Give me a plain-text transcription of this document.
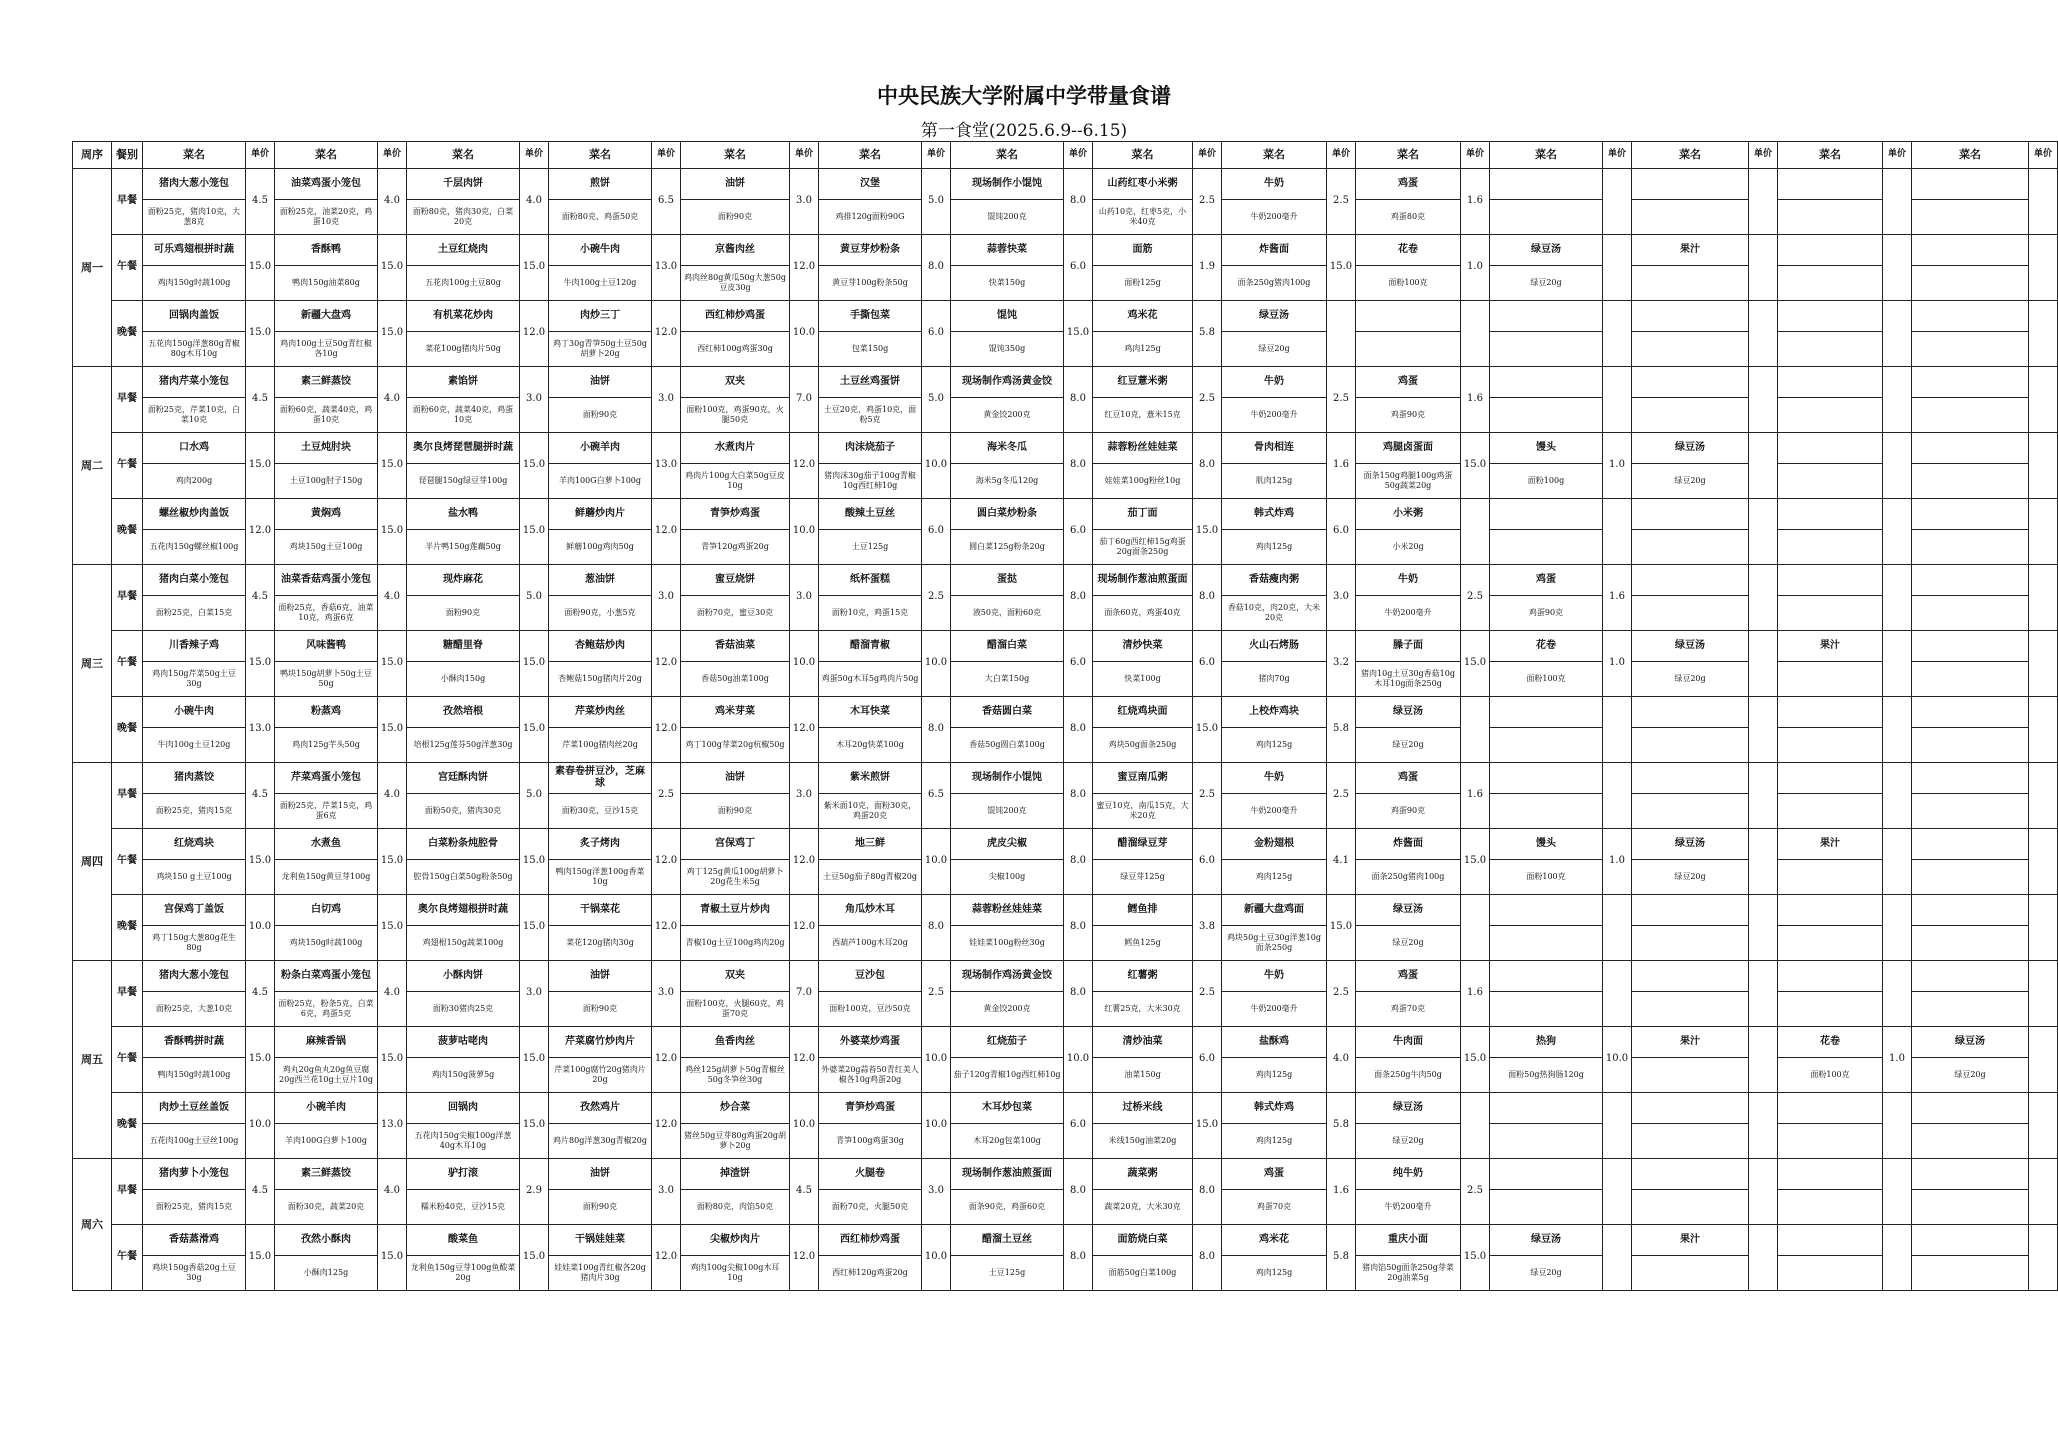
中央民族大学附属中学带量食谱
第一食堂(2025.6.9--6.15)
周序	餐别	菜名	单价	菜名	单价	菜名	单价	菜名	单价	菜名	单价	菜名	单价	菜名	单价	菜名	单价	菜名	单价	菜名	单价	菜名	单价	菜名	单价	菜名	单价	菜名	单价
周一	早餐	猪肉大葱小笼包	4.5	油菜鸡蛋小笼包	4.0	千层肉饼	4.0	煎饼	6.5	油饼	3.0	汉堡	5.0	现场制作小馄饨	8.0	山药红枣小米粥	2.5	牛奶	2.5	鸡蛋	1.6								
		面粉25克，猪肉10克，大葱8克		面粉25克，油菜20克，鸡蛋10克		面粉80克，猪肉30克，白菜20克		面粉80克，鸡蛋50克		面粉90克		鸡排120g面粉90G		馄饨200克		山药10克，红枣5克，小米40克		牛奶200毫升		鸡蛋80克									
	午餐	可乐鸡翅根拼时蔬	15.0	香酥鸭	15.0	土豆红烧肉	15.0	小碗牛肉	13.0	京酱肉丝	12.0	黄豆芽炒粉条	8.0	蒜蓉快菜	6.0	面筋	1.9	炸酱面	15.0	花卷	1.0	绿豆汤		果汁					
		鸡肉150g时蔬100g		鸭肉150g油菜80g		五花肉100g土豆80g		牛肉100g土豆120g		鸡肉丝80g黄瓜50g大葱50g豆皮30g		黄豆芽100g粉条50g		快菜150g		面粉125g		面条250g猪肉100g		面粉100克		绿豆20g							
	晚餐	回锅肉盖饭	15.0	新疆大盘鸡	15.0	有机菜花炒肉	12.0	肉炒三丁	12.0	西红柿炒鸡蛋	10.0	手撕包菜	6.0	馄饨	15.0	鸡米花	5.8	绿豆汤											
		五花肉150g洋葱80g青椒80g木耳10g		鸡肉100g土豆50g青红椒各10g		菜花100g猪肉片50g		鸡丁30g青笋50g土豆50g胡萝卜20g		西红柿100g鸡蛋30g		包菜150g		馄饨350g		鸡肉125g		绿豆20g											
周二	早餐	猪肉芹菜小笼包	4.5	素三鲜蒸饺	4.0	素馅饼	3.0	油饼	3.0	双夹	7.0	土豆丝鸡蛋饼	5.0	现场制作鸡汤黄金饺	8.0	红豆薏米粥	2.5	牛奶	2.5	鸡蛋	1.6								
		面粉25克，芹菜10克，白菜10克		面粉60克，蔬菜40克，鸡蛋10克		面粉60克，蔬菜40克，鸡蛋10克		面粉90克		面粉100克，鸡蛋90克，火腿50克		土豆20克，鸡蛋10克，面粉5克		黄金饺200克		红豆10克，薏米15克		牛奶200毫升		鸡蛋90克									
	午餐	口水鸡	15.0	土豆炖肘块	15.0	奥尔良烤琵琶腿拼时蔬	15.0	小碗羊肉	13.0	水煮肉片	12.0	肉沫烧茄子	10.0	海米冬瓜	8.0	蒜蓉粉丝娃娃菜	8.0	骨肉相连	1.6	鸡腿卤蛋面	15.0	馒头	1.0	绿豆汤					
		鸡肉200g		土豆100g肘子150g		琵琶腿150g绿豆芽100g		羊肉100G白萝卜100g		鸡肉片100g大白菜50g豆皮10g		猪肉沫30g茄子100g青椒10g西红柿10g		海米5g冬瓜120g		娃娃菜100g粉丝10g		肌肉125g		面条150g鸡腿100g鸡蛋50g蔬菜20g		面粉100g		绿豆20g					
	晚餐	螺丝椒炒肉盖饭	12.0	黄焖鸡	15.0	盐水鸭	15.0	鲜蘑炒肉片	12.0	青笋炒鸡蛋	10.0	酸辣土豆丝	6.0	圆白菜炒粉条	6.0	茄丁面	15.0	韩式炸鸡	6.0	小米粥									
		五花肉150g螺丝椒100g		鸡块150g土豆100g		半片鸭150g莲藕50g		鲜蘑100g鸡肉50g		青笋120g鸡蛋20g		土豆125g		圆白菜125g粉条20g		茄丁60g西红柿15g鸡蛋20g面条250g		鸡肉125g		小米20g									
周三	早餐	猪肉白菜小笼包	4.5	油菜香菇鸡蛋小笼包	4.0	现炸麻花	5.0	葱油饼	3.0	蜜豆烧饼	3.0	纸杯蛋糕	2.5	蛋挞	8.0	现场制作葱油煎蛋面	8.0	香菇瘦肉粥	3.0	牛奶	2.5	鸡蛋	1.6						
		面粉25克，白菜15克		面粉25克，香菇6克，油菜10克，鸡蛋6克		面粉90克		面粉90克，小葱5克		面粉70克，蜜豆30克		面粉10克，鸡蛋15克		液50克，面粉60克		面条60克，鸡蛋40克		香菇10克，肉20克，大米20克		牛奶200毫升		鸡蛋90克							
	午餐	川香辣子鸡	15.0	风味酱鸭	15.0	糖醋里脊	15.0	杏鲍菇炒肉	12.0	香菇油菜	10.0	醋溜青椒	10.0	醋溜白菜	6.0	清炒快菜	6.0	火山石烤肠	3.2	臊子面	15.0	花卷	1.0	绿豆汤		果汁			
		鸡肉150g芹菜50g土豆30g		鸭块150g胡萝卜50g土豆50g		小酥肉150g		杏鲍菇150g猪肉片20g		香菇50g油菜100g		鸡蛋50g木耳5g鸡肉片50g		大白菜150g		快菜100g		猪肉70g		猪肉10g土豆30g香菇10g木耳10g面条250g		面粉100克		绿豆20g					
	晚餐	小碗牛肉	13.0	粉蒸鸡	15.0	孜然培根	15.0	芹菜炒肉丝	12.0	鸡米芽菜	12.0	木耳快菜	8.0	香菇圆白菜	8.0	红烧鸡块面	15.0	上校炸鸡块	5.8	绿豆汤									
		牛肉100g土豆120g		鸡肉125g芋头50g		培根125g莲芬50g洋葱30g		芹菜100g猪肉丝20g		鸡丁100g芽菜20g杭椒50g		木耳20g快菜100g		香菇50g圆白菜100g		鸡块50g面条250g		鸡肉125g		绿豆20g									
周四	早餐	猪肉蒸饺	4.5	芹菜鸡蛋小笼包	4.0	宫廷酥肉饼	5.0	素春卷拼豆沙，芝麻球	2.5	油饼	3.0	紫米煎饼	6.5	现场制作小馄饨	8.0	蜜豆南瓜粥	2.5	牛奶	2.5	鸡蛋	1.6								
		面粉25克，猪肉15克		面粉25克，芹菜15克，鸡蛋6克		面粉50克，猪肉30克		面粉30克，豆沙15克		面粉90克		紫米面10克，面粉30克，鸡蛋20克		馄饨200克		蜜豆10克，南瓜15克，大米20克		牛奶200毫升		鸡蛋90克									
	午餐	红烧鸡块	15.0	水煮鱼	15.0	白菜粉条炖腔骨	15.0	炙子烤肉	12.0	宫保鸡丁	12.0	地三鲜	10.0	虎皮尖椒	8.0	醋溜绿豆芽	6.0	金粉翅根	4.1	炸酱面	15.0	馒头	1.0	绿豆汤		果汁			
		鸡块150 g土豆100g		龙利鱼150g黄豆芽100g		腔骨150g白菜50g粉条50g		鸭肉150g洋葱100g香菜10g		鸡丁125g黄瓜100g胡萝卜20g花生米5g		土豆50g茄子80g青椒20g		尖椒100g		绿豆芽125g		鸡肉125g		面条250g猪肉100g		面粉100克		绿豆20g					
	晚餐	宫保鸡丁盖饭	10.0	白切鸡	15.0	奥尔良烤翅根拼时蔬	15.0	干锅菜花	12.0	青椒土豆片炒肉	12.0	角瓜炒木耳	8.0	蒜蓉粉丝娃娃菜	8.0	鳕鱼排	3.8	新疆大盘鸡面	15.0	绿豆汤									
		鸡丁150g大葱80g花生80g		鸡块150g时蔬100g		鸡翅根150g蔬菜100g		菜花120g猪肉30g		青椒10g土豆100g鸡肉20g		西葫芦100g木耳20g		娃娃菜100g粉丝30g		鳕鱼125g		鸡块50g土豆30g洋葱10g面条250g		绿豆20g									
周五	早餐	猪肉大葱小笼包	4.5	粉条白菜鸡蛋小笼包	4.0	小酥肉饼	3.0	油饼	3.0	双夹	7.0	豆沙包	2.5	现场制作鸡汤黄金饺	8.0	红薯粥	2.5	牛奶	2.5	鸡蛋	1.6								
		面粉25克，大葱10克		面粉25克，粉条5克，白菜6克，鸡蛋5克		面粉30猪肉25克		面粉90克		面粉100克，火腿60克，鸡蛋70克		面粉100克，豆沙50克		黄金饺200克		红薯25克，大米30克		牛奶200毫升		鸡蛋70克									
	午餐	香酥鸭拼时蔬	15.0	麻辣香锅	15.0	菠萝咕咾肉	15.0	芹菜腐竹炒肉片	12.0	鱼香肉丝	12.0	外婆菜炒鸡蛋	10.0	红烧茄子	10.0	清炒油菜	6.0	盐酥鸡	4.0	牛肉面	15.0	热狗	10.0	果汁		花卷	1.0	绿豆汤	
		鸭肉150g时蔬100g		鸡丸20g鱼丸20g鱼豆腐20g西兰花10g土豆片10g		鸡肉150g菠萝5g		芹菜100g腐竹20g猪肉片20g		鸡丝125g胡萝卜50g青椒丝50g冬笋丝30g		外婆菜20g蒜苔50青红美人椒各10g鸡蛋20g		茄子120g青椒10g西红柿10g		油菜150g		鸡肉125g		面条250g牛肉50g		面粉50g热狗肠120g				面粉100克		绿豆20g	
	晚餐	肉炒土豆丝盖饭	10.0	小碗羊肉	13.0	回锅肉	15.0	孜然鸡片	12.0	炒合菜	10.0	青笋炒鸡蛋	10.0	木耳炒包菜	6.0	过桥米线	15.0	韩式炸鸡	5.8	绿豆汤									
		五花肉100g土豆丝100g		羊肉100G白萝卜100g		五花肉150g尖椒100g洋葱40g木耳10g		鸡片80g洋葱30g青椒20g		猪丝50g豆芽80g鸡蛋20g胡萝卜20g		青笋100g鸡蛋30g		木耳20g包菜100g		米线150g油菜20g		鸡肉125g		绿豆20g									
周六	早餐	猪肉萝卜小笼包	4.5	素三鲜蒸饺	4.0	驴打滚	2.9	油饼	3.0	掉渣饼	4.5	火腿卷	3.0	现场制作葱油煎蛋面	8.0	蔬菜粥	8.0	鸡蛋	1.6	纯牛奶	2.5								
		面粉25克，猪肉15克		面粉30克，蔬菜20克		糯米粉40克，豆沙15克		面粉90克		面粉80克，肉馅50克		面粉70克，火腿50克		面条90克，鸡蛋60克		蔬菜20克，大米30克		鸡蛋70克		牛奶200毫升									
	午餐	香菇蒸滑鸡	15.0	孜然小酥肉	15.0	酸菜鱼	15.0	干锅娃娃菜	12.0	尖椒炒肉片	12.0	西红柿炒鸡蛋	10.0	醋溜土豆丝	8.0	面筋烧白菜	8.0	鸡米花	5.8	重庆小面	15.0	绿豆汤		果汁					
		鸡块150g香菇20g土豆30g		小酥肉125g		龙利鱼150g豆芽100g鱼酸菜20g		娃娃菜100g青红椒各20g猪肉片30g		鸡肉100g尖椒100g木耳10g		西红柿120g鸡蛋20g		土豆125g		面筋50g白菜100g		鸡肉125g		猪肉馅50g面条250g芽菜20g油菜5g		绿豆20g							
